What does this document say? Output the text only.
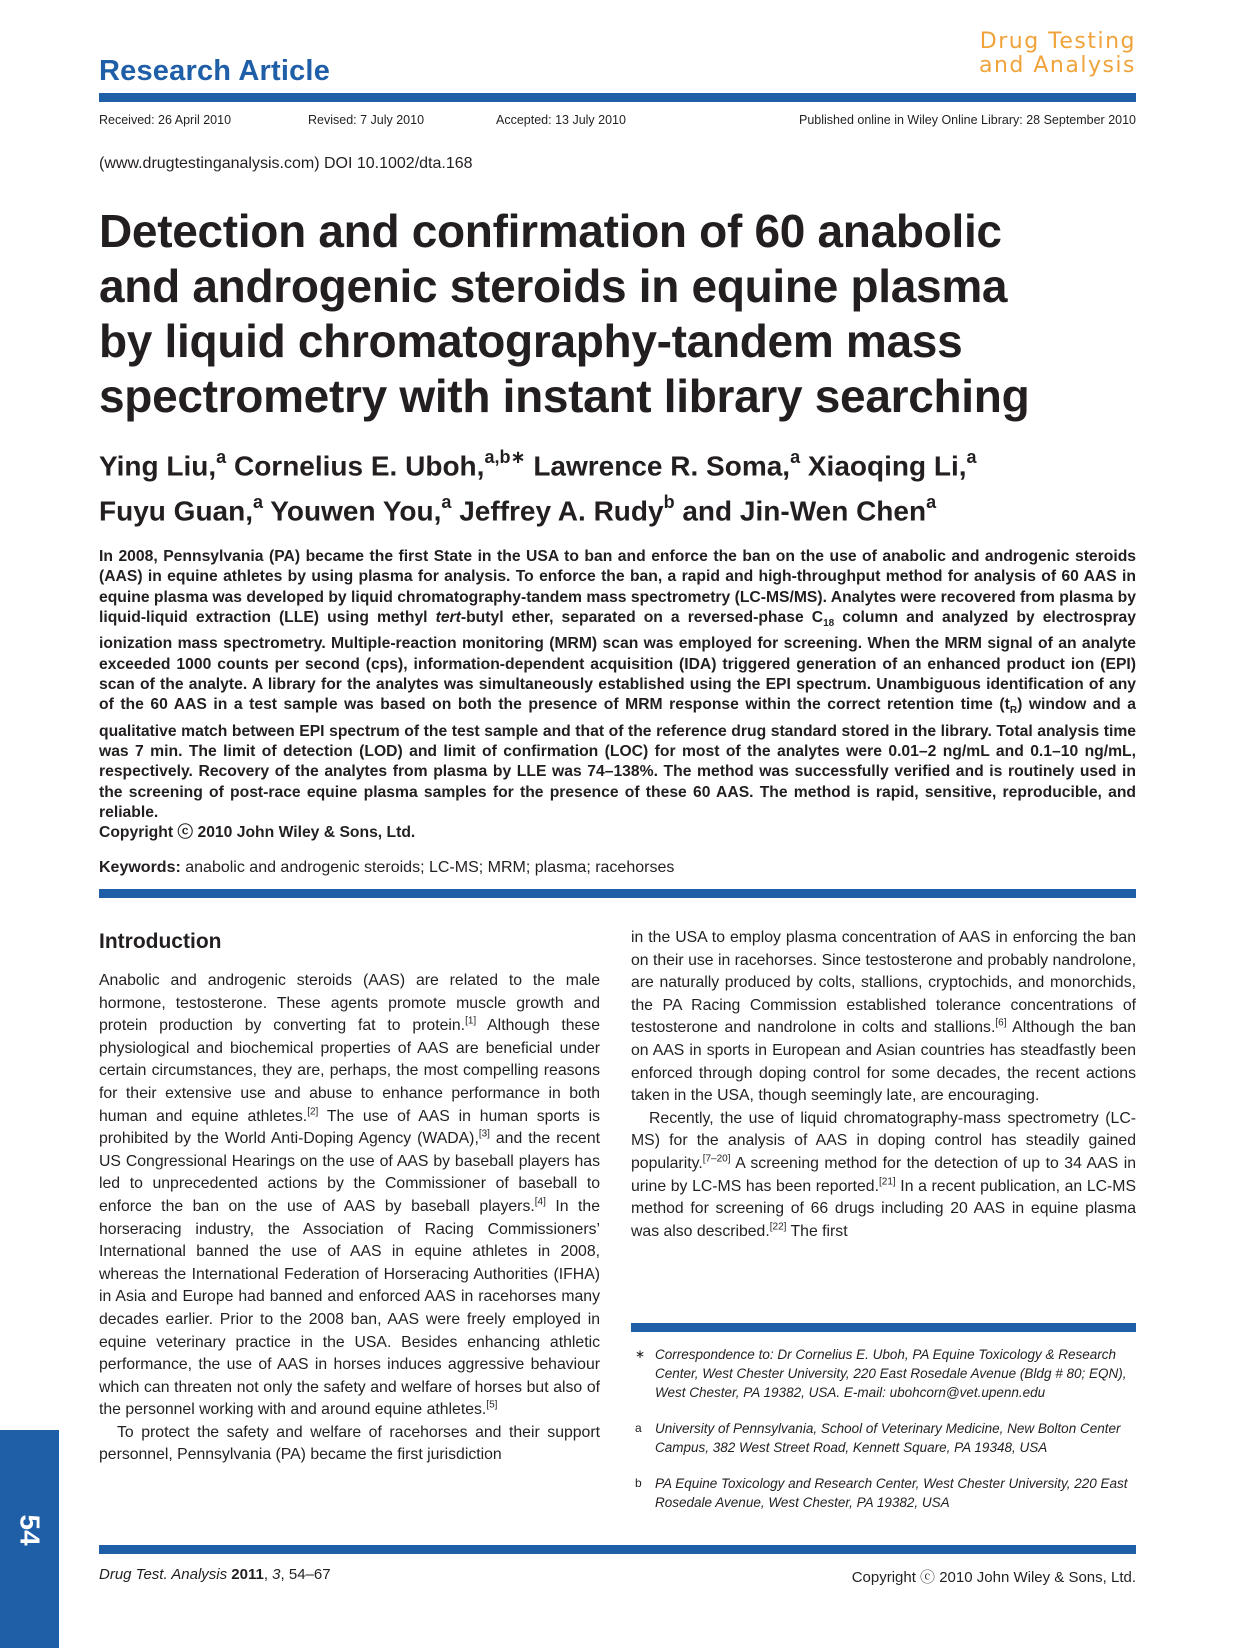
Research Article
Drug Testing
and Analysis
Received: 26 April 2010	Revised: 7 July 2010	Accepted: 13 July 2010	Published online in Wiley Online Library: 28 September 2010
(www.drugtestinganalysis.com) DOI 10.1002/dta.168
Detection and confirmation of 60 anabolic
and androgenic steroids in equine plasma
by liquid chromatography-tandem mass
spectrometry with instant library searching
Ying Liu,$^a$ Cornelius E. Uboh,$^{a,b∗}$ Lawrence R. Soma,$^a$ Xiaoqing Li,$^a$
Fuyu Guan,$^a$ Youwen You,$^a$ Jeffrey A. Rudy$^b$ and Jin-Wen Chen$^a$

In 2008, Pennsylvania (PA) became the first State in the USA to ban and enforce the ban on the use of anabolic and androgenic steroids (AAS) in equine athletes by using plasma for analysis. To enforce the ban, a rapid and high-throughput method for analysis of 60 AAS in equine plasma was developed by liquid chromatography-tandem mass spectrometry (LC-MS/MS). Analytes were recovered from plasma by liquid-liquid extraction (LLE) using methyl tert-butyl ether, separated on a reversed-phase $C_{18}$ column and analyzed by electrospray ionization mass spectrometry. Multiple-reaction monitoring (MRM) scan was employed for screening. When the MRM signal of an analyte exceeded 1000 counts per second (cps), information-dependent acquisition (IDA) triggered generation of an enhanced product ion (EPI) scan of the analyte. A library for the analytes was simultaneously established using the EPI spectrum. Unambiguous identification of any of the 60 AAS in a test sample was based on both the presence of MRM response within the correct retention time $(t_R)$ window and a qualitative match between EPI spectrum of the test sample and that of the reference drug standard stored in the library. Total analysis time was 7 min. The limit of detection (LOD) and limit of confirmation (LOC) for most of the analytes were 0.01–2 ng/mL and 0.1–10 ng/mL, respectively. Recovery of the analytes from plasma by LLE was 74–138%. The method was successfully verified and is routinely used in the screening of post-race equine plasma samples for the presence of these 60 AAS. The method is rapid, sensitive, reproducible, and reliable.

Copyright ⓒ 2010 John Wiley & Sons, Ltd.

Keywords: anabolic and androgenic steroids; LC-MS; MRM; plasma; racehorses
Introduction

Anabolic and androgenic steroids (AAS) are related to the male hormone, testosterone. These agents promote muscle growth and protein production by converting fat to protein.[1] Although these physiological and biochemical properties of AAS are beneficial under certain circumstances, they are, perhaps, the most compelling reasons for their extensive use and abuse to enhance performance in both human and equine athletes.[2] The use of AAS in human sports is prohibited by the World Anti-Doping Agency (WADA),[3] and the recent US Congressional Hearings on the use of AAS by baseball players has led to unprecedented actions by the Commissioner of baseball to enforce the ban on the use of AAS by baseball players.[4] In the horseracing industry, the Association of Racing Commissioners’ International banned the use of AAS in equine athletes in 2008, whereas the International Federation of Horseracing Authorities (IFHA) in Asia and Europe had banned and enforced AAS in racehorses many decades earlier. Prior to the 2008 ban, AAS were freely employed in equine veterinary practice in the USA. Besides enhancing athletic performance, the use of AAS in horses induces aggressive behaviour which can threaten not only the safety and welfare of horses but also of the personnel working with and around equine athletes.[5]

To protect the safety and welfare of racehorses and their support personnel, Pennsylvania (PA) became the first jurisdiction

in the USA to employ plasma concentration of AAS in enforcing the ban on their use in racehorses. Since testosterone and probably nandrolone, are naturally produced by colts, stallions, cryptochids, and monorchids, the PA Racing Commission established tolerance concentrations of testosterone and nandrolone in colts and stallions.[6] Although the ban on AAS in sports in European and Asian countries has steadfastly been enforced through doping control for some decades, the recent actions taken in the USA, though seemingly late, are encouraging.

Recently, the use of liquid chromatography-mass spectrometry (LC-MS) for the analysis of AAS in doping control has steadily gained popularity.[7–20] A screening method for the detection of up to 34 AAS in urine by LC-MS has been reported.[21] In a recent publication, an LC-MS method for screening of 66 drugs including 20 AAS in equine plasma was also described.[22] The first

∗ Correspondence to: Dr Cornelius E. Uboh, PA Equine Toxicology & Research Center, West Chester University, 220 East Rosedale Avenue (Bldg # 80; EQN), West Chester, PA 19382, USA. E-mail: ubohcorn@vet.upenn.edu
a University of Pennsylvania, School of Veterinary Medicine, New Bolton Center Campus, 382 West Street Road, Kennett Square, PA 19348, USA
b PA Equine Toxicology and Research Center, West Chester University, 220 East Rosedale Avenue, West Chester, PA 19382, USA
54
Drug Test. Analysis 2011, 3, 54–67	Copyright ⓒ 2010 John Wiley & Sons, Ltd.
